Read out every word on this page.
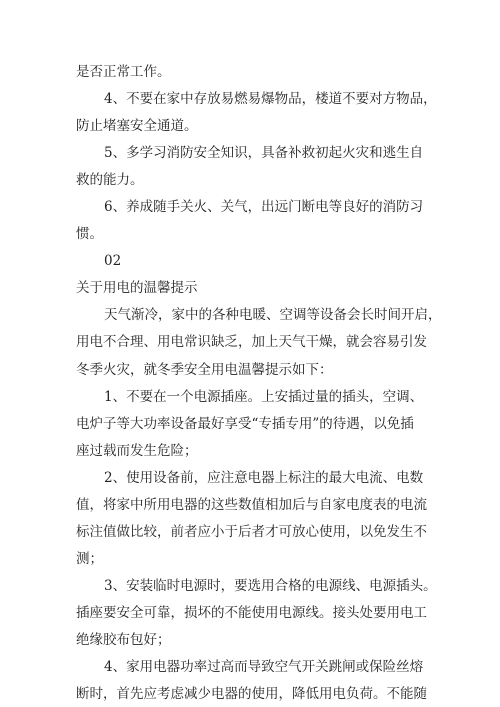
是否正常工作。
4、不要在家中存放易燃易爆物品，楼道不要对方物品，
防止堵塞安全通道。
5、多学习消防安全知识，具备补救初起火灾和逃生自
救的能力。
6、养成随手关火、关气，出远门断电等良好的消防习
惯。
02
关于用电的温馨提示
天气渐冷，家中的各种电暖、空调等设备会长时间开启，
用电不合理、用电常识缺乏，加上天气干燥，就会容易引发
冬季火灾，就冬季安全用电温馨提示如下：
1、不要在一个电源插座。上安插过量的插头，空调、
电炉子等大功率设备最好享受“专插专用”的待遇，以免插
座过载而发生危险；
2、使用设备前，应注意电器上标注的最大电流、电数
值，将家中所用电器的这些数值相加后与自家电度表的电流
标注值做比较，前者应小于后者才可放心使用，以免发生不
测；
3、安装临时电源时，要选用合格的电源线、电源插头。
插座要安全可靠，损坏的不能使用电源线。接头处要用电工
绝缘胶布包好；
4、家用电器功率过高而导致空气开关跳闸或保险丝熔
断时，首先应考虑减少电器的使用，降低用电负荷。不能随
